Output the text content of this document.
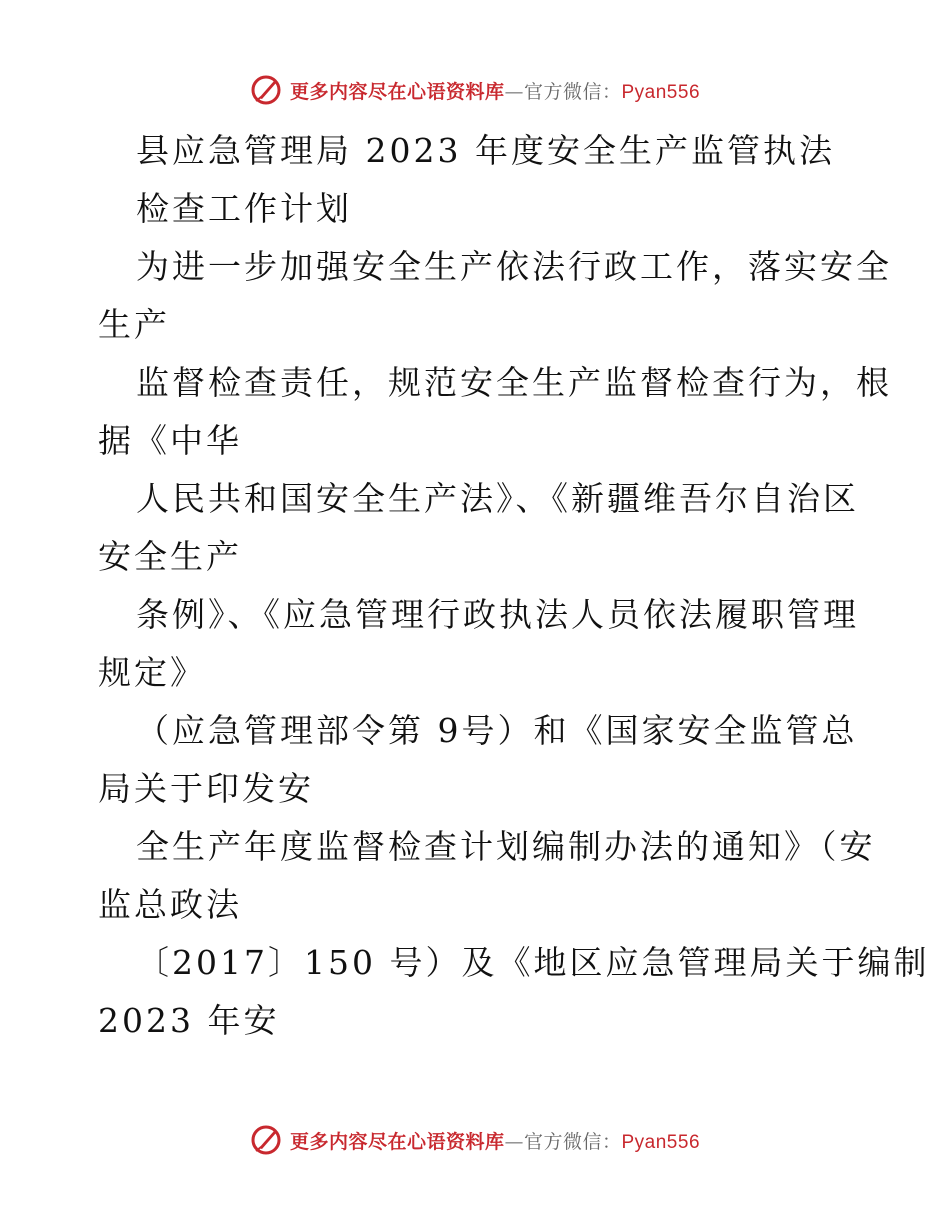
更多内容尽在心语资料库—官方微信：Pyan556
县应急管理局 2023 年度安全生产监管执法
检查工作计划
为进一步加强安全生产依法行政工作，落实安全
生产
监督检查责任，规范安全生产监督检查行为，根
据《中华
人民共和国安全生产法》、《新疆维吾尔自治区
安全生产
条例》、《应急管理行政执法人员依法履职管理
规定》
（应急管理部令第 9号）和《国家安全监管总
局关于印发安
全生产年度监督检查计划编制办法的通知》（安
监总政法
〔2017〕150 号）及《地区应急管理局关于编制
2023 年安
更多内容尽在心语资料库—官方微信：Pyan556
